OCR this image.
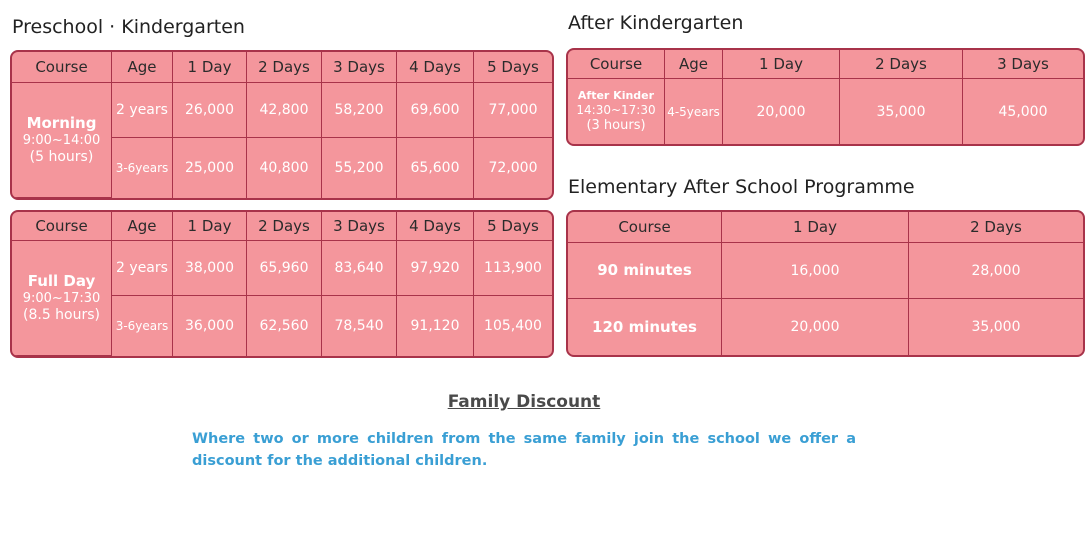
Preschool · Kindergarten
Course	Age	1 Day	2 Days	3 Days	4 Days	5 Days

Morning
9:00~14:00
(5 hours)	2 years	26,000	42,800	58,200	69,600	77,000
	3-6years	25,000	40,800	55,200	65,600	72,000
Course	Age	1 Day	2 Days	3 Days	4 Days	5 Days

Full Day
9:00~17:30
(8.5 hours)	2 years	38,000	65,960	83,640	97,920	113,900
	3-6years	36,000	62,560	78,540	91,120	105,400
After Kindergarten
Course	Age	1 Day	2 Days	3 Days

After Kinder
14:30~17:30
(3 hours)	4-5years	20,000	35,000	45,000
Elementary After School Programme
Course	1 Day	2 Days

90 minutes	16,000	28,000

120 minutes	20,000	35,000
Family Discount
Where two or more children from the same family join the school we offer a discount for the additional children.
